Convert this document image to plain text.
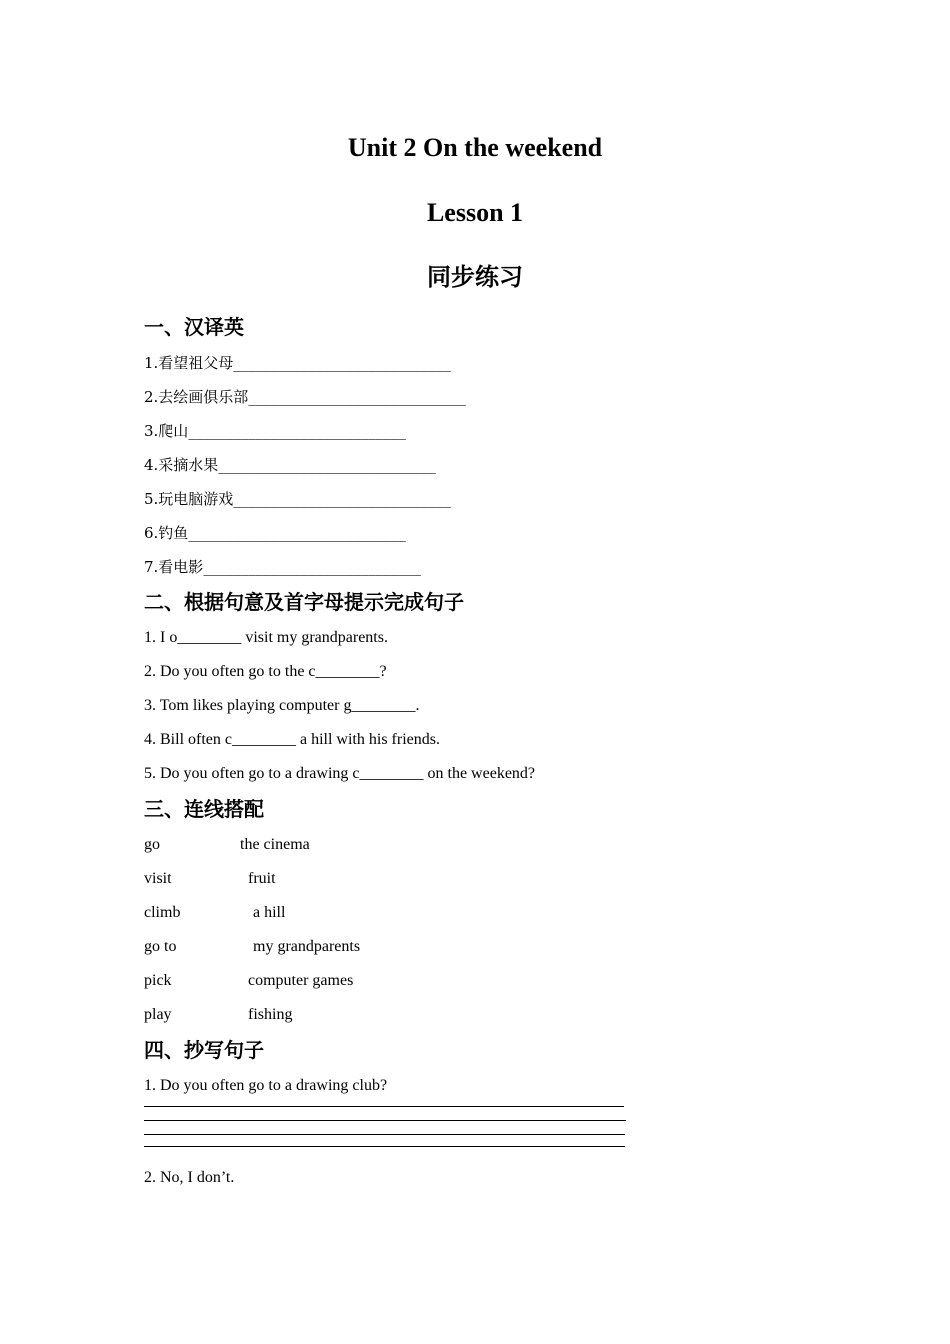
Unit 2 On the weekend
Lesson 1
同步练习
一、汉译英
1.看望祖父母_____________________________
2.去绘画俱乐部_____________________________
3.爬山_____________________________
4.采摘水果_____________________________
5.玩电脑游戏_____________________________
6.钓鱼_____________________________
7.看电影_____________________________
二、根据句意及首字母提示完成句子
1. I o________ visit my grandparents.
2. Do you often go to the c________?
3. Tom likes playing computer g________.
4. Bill often c________ a hill with his friends.
5. Do you often go to a drawing c________ on the weekend?
三、连线搭配
go	the cinema
visit	fruit
climb	a hill
go to	my grandparents
pick	computer games
play	fishing
四、抄写句子
1. Do you often go to a drawing club?
2. No, I don’t.
